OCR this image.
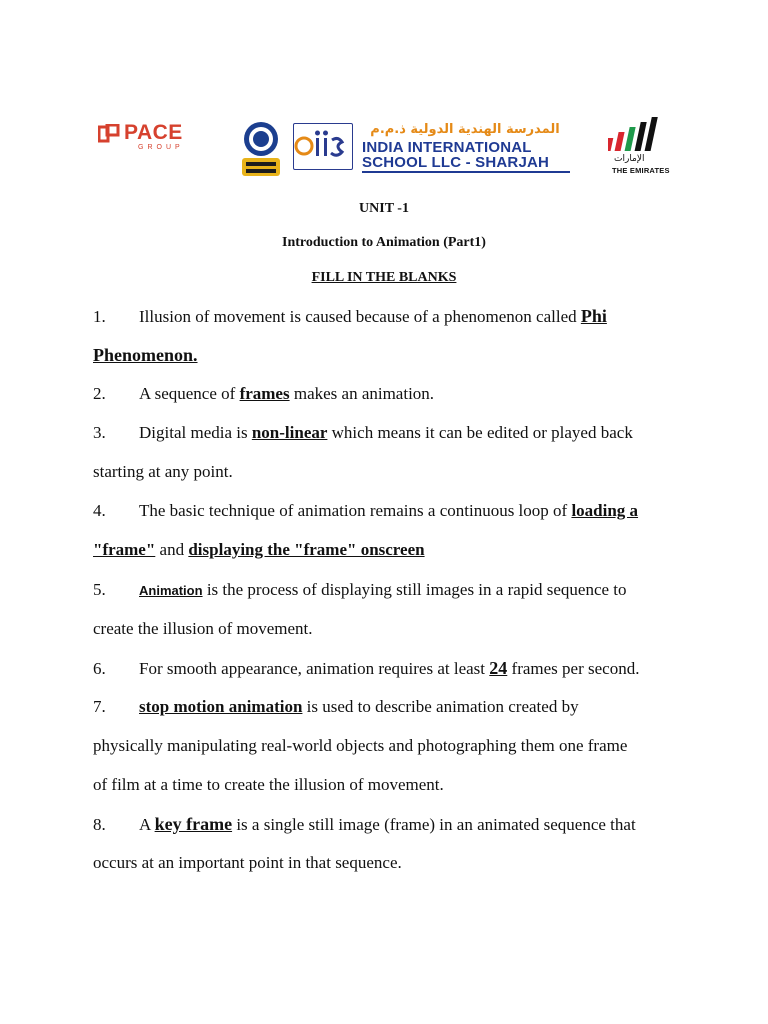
PACE
GROUP
المدرسة الهندية الدولية ذ.م.م
INDIA INTERNATIONAL
SCHOOL LLC - SHARJAH	الإمارات
THE EMIRATES
UNIT -1
Introduction to Animation (Part1)
FILL IN THE BLANKS
1. Illusion of movement is caused because of a phenomenon called Phi
Phenomenon.
2. A sequence of frames makes an animation.
3. Digital media is non-linear which means it can be edited or played back
starting at any point.
4. The basic technique of animation remains a continuous loop of loading a
"frame" and displaying the "frame" onscreen
5.	Animation is the process of displaying still images in a rapid sequence to
create the illusion of movement.
6. For smooth appearance, animation requires at least 24 frames per second.
7. stop motion animation is used to describe animation created by
physically manipulating real-world objects and photographing them one frame
of film at a time to create the illusion of movement.
8. A key frame is a single still image (frame) in an animated sequence that
occurs at an important point in that sequence.
